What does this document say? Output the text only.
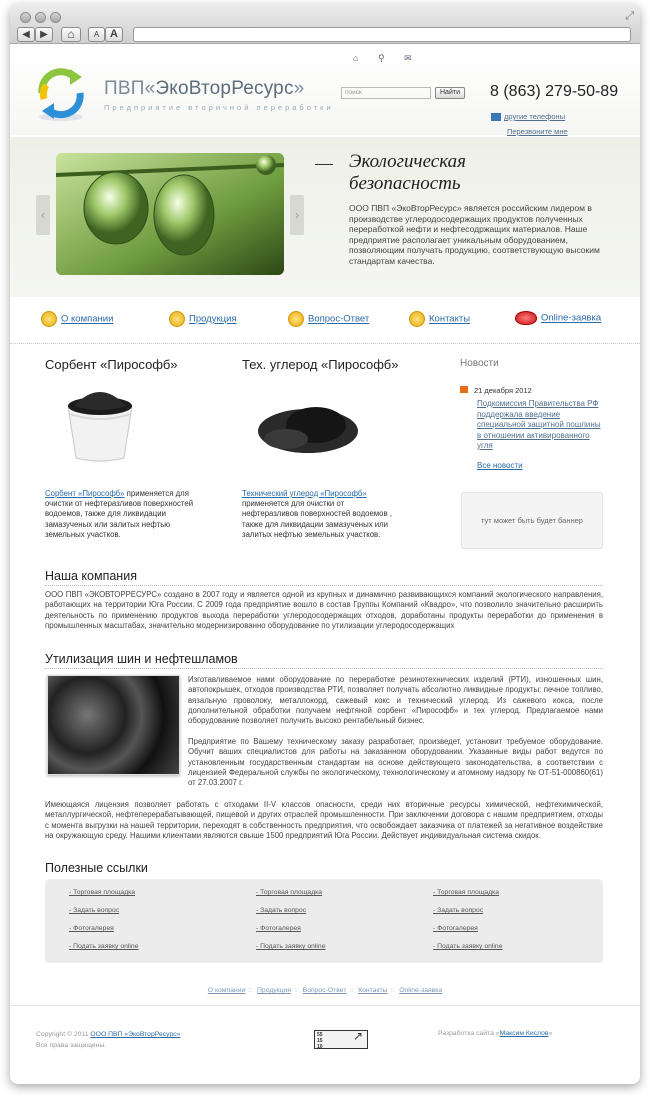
⤢
◀	▶	⌂	A A
ПВП«ЭкоВторРесурс»
Предприятие вторичной переработки
⌂ ⚲ ✉
поиск	Найти	8 (863) 279-50-89
другие телефоны
Перезвоните мне
‹	›
Экологическая безопасность
ООО ПВП «ЭкоВторРесурс» является российским лидером в производстве углеродосодержащих продуктов полученных переработкой нефти и нефтесодржащих материалов. Наше предприятие располагает уникальным оборудованием, позволяющим получать продукцию, соответствующую высоким стандартам качества.
О компании	Продукция	Вопрос-Ответ	Контакты	Online-заявка
Сорбент «Пирософб»
Сорбент «Пирософб» применяется для очистки от нефтеразливов поверхностей водоемов, также для ликвидации замазученых или залитых нефтью земельных участков.
Тех. углерод «Пирософб»
Технический углерод «Пирософб» применяется для очистки от нефтеразливов поверхностей водоемов , также для ликвидации замазученых или залитых нефтью земельных участков.
Новости
21 декабря 2012
Подкомиссия Правительства РФ поддержала введение специальной защитной пошлины в отношении активированного угля
Все новости
тут может быть будет баннер
Наша компания
ООО ПВП «ЭКОВТОРРЕСУРС» создано в 2007 году и является одной из крупных и динамично развивающихся компаний экологического направления, работающих на территории Юга России. С 2009 года предприятие вошло в состав Группы Компаний «Квадро», что позволило значительно расширить деятельность по применению продуктов выхода переработки углеродосодержащих отходов, доработаны продукты переработки до применения в промышленных масштабах, значительно модернизированно оборудование по утилизации углеродосодержащих
Утилизация шин и нефтешламов
Изготавливаемое нами оборудование по переработке резинотехнических изделий (РТИ), изношенных шин, автопокрышек, отходов производства РТИ, позволяет получать абсолютно ликвидные продукты: печное топливо, вязальную проволоку, металлокорд, сажевый кокс и технический углерод. Из сажевого кокса, после дополнительной обработки получаем нефтяной сорбент «Пирософб» и тех углерод. Предлагаемое нами оборудование позволяет получить высоко рентабельный бизнес.
Предприятие по Вашему техническому заказу разработает, произведет, установит требуемое оборудование. Обучит ваших специалистов для работы на заказанном оборудовании. Указанные виды работ ведутся по установленным государственным стандартам на основе действующего законодательства, в соответствии с лицензией Федеральной службы по экологическому, технологическому и атомному надзору № ОТ-51-000860(61) от 27.03.2007 г.
Имеющаяся лицензия позволяет работать с отходами II-V классов опасности, среди них вторичные ресурсы химической, нефтехимической, металлургической, нефтеперерабатывающей, пищевой и других отраслей промышленности. При заключении договора с нашим предприятием, отходы с момента выгрузки на нашей территории, переходят в собственность предприятия, что освобождает заказчика от платежей за негативное воздействие на окружающую среду. Нашими клиентами являются свыше 1500 предприятий Юга России. Действует индивидуальная система скидок.
Полезные ссылки
- Торговая площадка
- Задать вопрос
- Фотогалерея
- Подать заявку online
- Торговая площадка
- Задать вопрос
- Фотогалерея
- Подать заявку online
- Торговая площадка
- Задать вопрос
- Фотогалерея
- Подать заявку online
О компании :: Продукция :: Вопрос-Ответ :: Контакты :: Online-заявка
Copyright © 2011 ООО ПВП «ЭкоВторРесурс»
Все права защищены.
55
15
10
↗	Разработка сайта «Максим Кислов»
